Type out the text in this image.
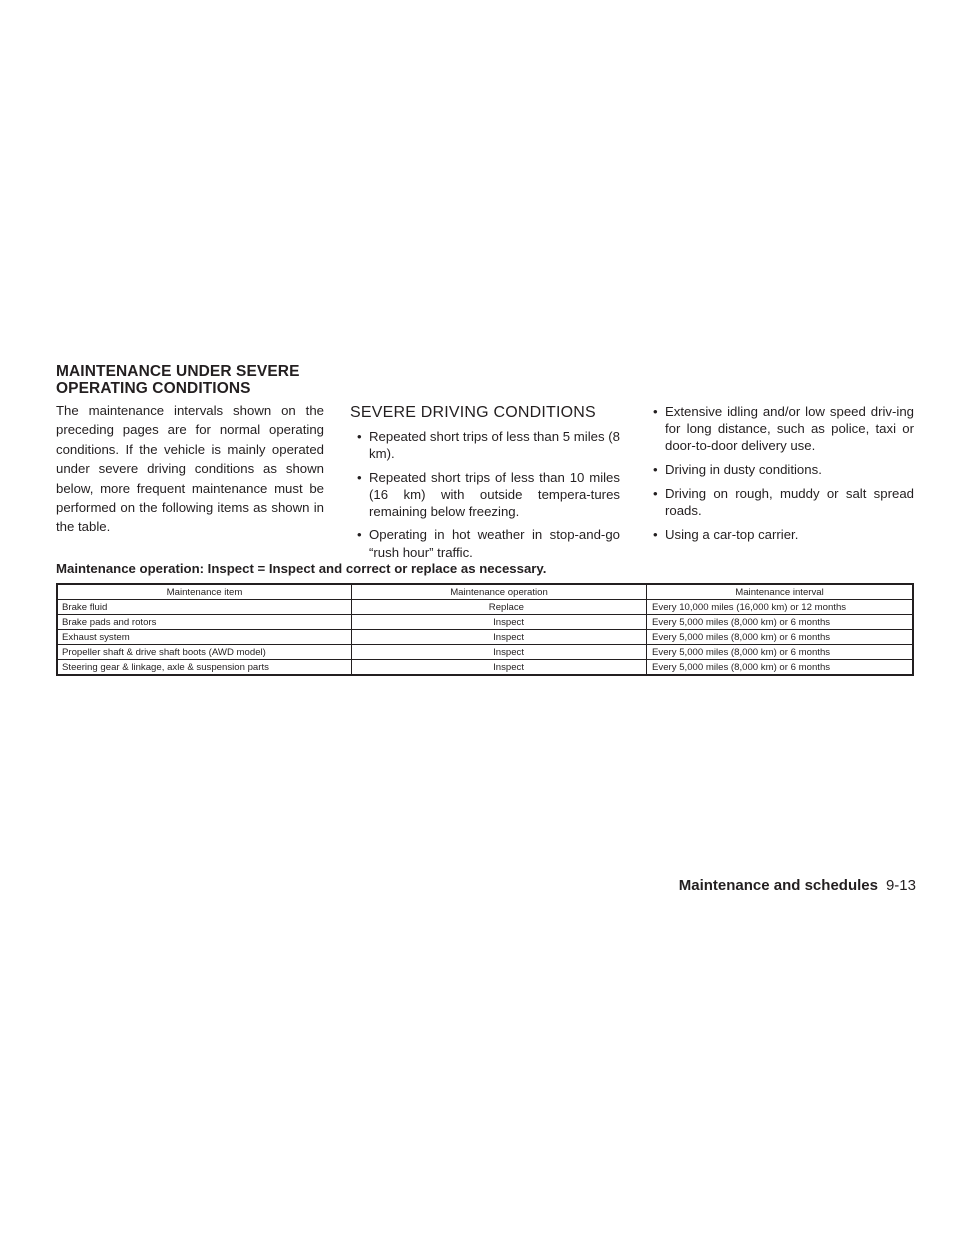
MAINTENANCE UNDER SEVERE
OPERATING CONDITIONS

The maintenance intervals shown on the preceding pages are for normal operating conditions. If the vehicle is mainly operated under severe driving conditions as shown below, more frequent maintenance must be performed on the following items as shown in the table.

SEVERE DRIVING CONDITIONS
• Repeated short trips of less than 5 miles (8 km).
• Repeated short trips of less than 10 miles (16 km) with outside tempera-tures remaining below freezing.
• Operating in hot weather in stop-and-go “rush hour” traffic.
• Extensive idling and/or low speed driv-ing for long distance, such as police, taxi or door-to-door delivery use.
• Driving in dusty conditions.
• Driving on rough, muddy or salt spread roads.
• Using a car-top carrier.
Maintenance operation: Inspect = Inspect and correct or replace as necessary.
Maintenance item	Maintenance operation	Maintenance interval
Brake fluid	Replace	Every 10,000 miles (16,000 km) or 12 months
Brake pads and rotors	Inspect	Every 5,000 miles (8,000 km) or 6 months
Exhaust system	Inspect	Every 5,000 miles (8,000 km) or 6 months
Propeller shaft & drive shaft boots (AWD model)	Inspect	Every 5,000 miles (8,000 km) or 6 months
Steering gear & linkage, axle & suspension parts	Inspect	Every 5,000 miles (8,000 km) or 6 months
Maintenance and schedules 9-13
